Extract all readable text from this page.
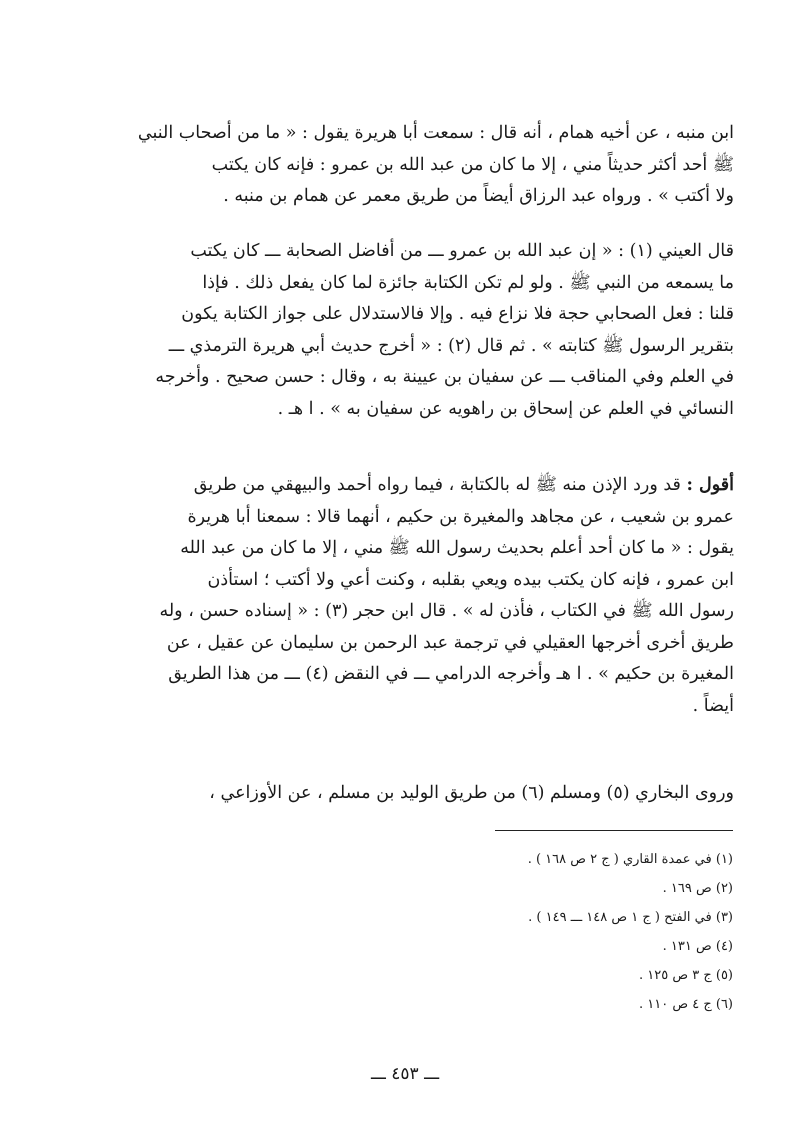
ابن منبه ، عن أخيه همام ، أنه قال : سمعت أبا هريرة يقول : « ما من أصحاب النبي
ﷺ أحد أكثر حديثاً مني ، إلا ما كان من عبد الله بن عمرو : فإنه كان يكتب
ولا أكتب » . ورواه عبد الرزاق أيضاً من طريق معمر عن همام بن منبه .
قال العيني (١) : « إن عبد الله بن عمرو ـــ من أفاضل الصحابة ـــ كان يكتب
ما يسمعه من النبي ﷺ . ولو لم تكن الكتابة جائزة لما كان يفعل ذلك . فإذا
قلنا : فعل الصحابي حجة فلا نزاع فيه . وإلا فالاستدلال على جواز الكتابة يكون
بتقرير الرسول ﷺ كتابته » . ثم قال (٢) : « أخرج حديث أبي هريرة الترمذي ـــ
في العلم وفي المناقب ـــ عن سفيان بن عيينة به ، وقال : حسن صحيح . وأخرجه
النسائي في العلم عن إسحاق بن راهويه عن سفيان به » . ا هـ .
أقول : قد ورد الإذن منه ﷺ له بالكتابة ، فيما رواه أحمد والبيهقي من طريق
عمرو بن شعيب ، عن مجاهد والمغيرة بن حكيم ، أنهما قالا : سمعنا أبا هريرة
يقول : « ما كان أحد أعلم بحديث رسول الله ﷺ مني ، إلا ما كان من عبد الله
ابن عمرو ، فإنه كان يكتب بيده ويعي بقلبه ، وكنت أعي ولا أكتب ؛ استأذن
رسول الله ﷺ في الكتاب ، فأذن له » . قال ابن حجر (٣) : « إسناده حسن ، وله
طريق أخرى أخرجها العقيلي في ترجمة عبد الرحمن بن سليمان عن عقيل ، عن
المغيرة بن حكيم » . ا هـ وأخرجه الدرامي ـــ في النقض (٤) ـــ من هذا الطريق
أيضاً .
وروى البخاري (٥) ومسلم (٦) من طريق الوليد بن مسلم ، عن الأوزاعي ،
(١) في عمدة القاري ( ج ٢ ص ١٦٨ ) .
(٢) ص ١٦٩ .
(٣) في الفتح ( ج ١ ص ١٤٨ ـــ ١٤٩ ) .
(٤) ص ١٣١ .
(٥) ج ٣ ص ١٢٥ .
(٦) ج ٤ ص ١١٠ .
ـــ ٤٥٣ ـــ
